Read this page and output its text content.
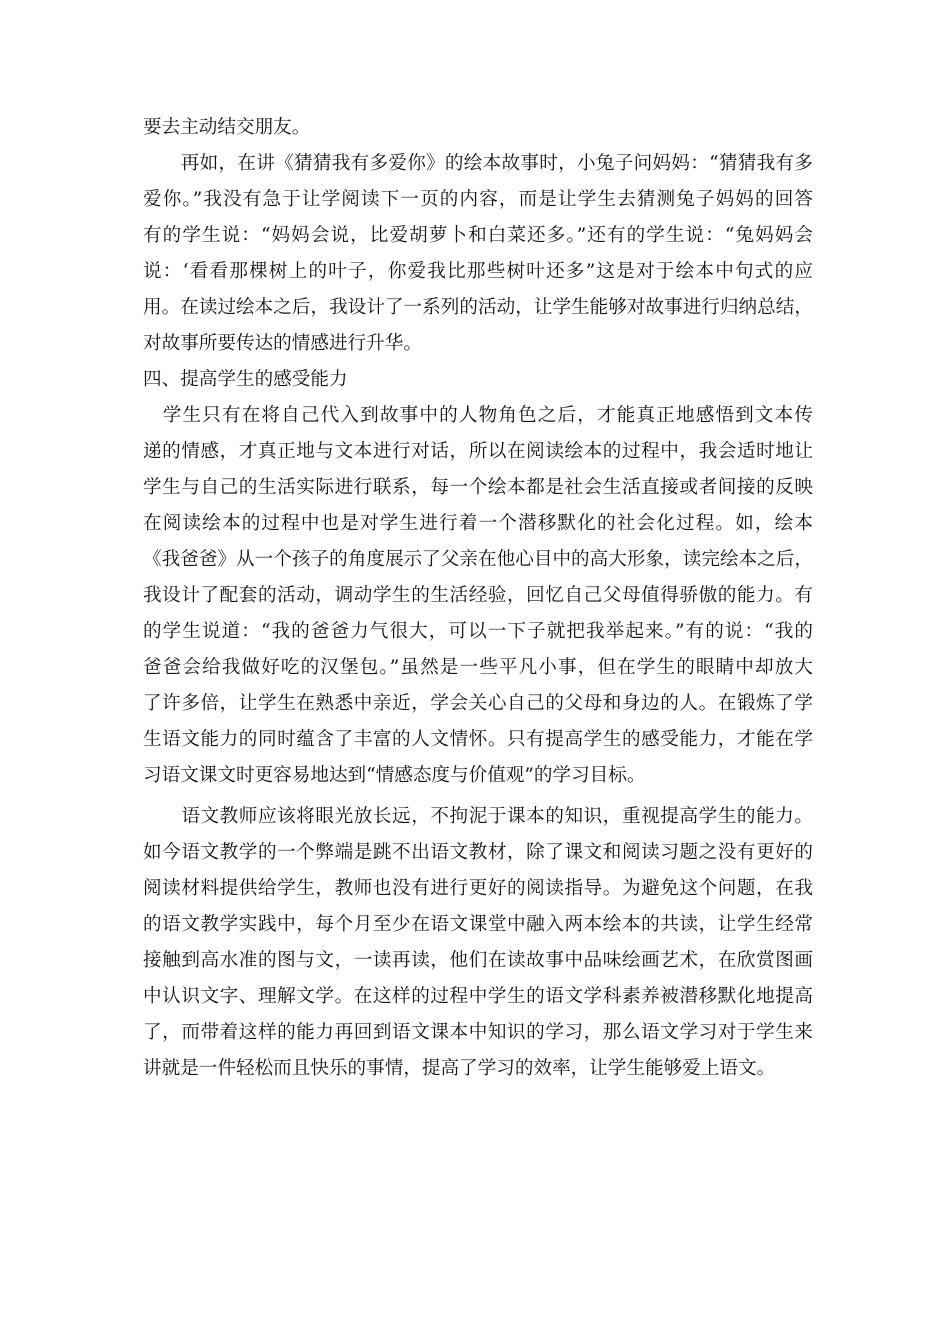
要去主动结交朋友。
　　再如，在讲《猜猜我有多爱你》的绘本故事时，小兔子问妈妈：“猜猜我有多
爱你。”我没有急于让学阅读下一页的内容，而是让学生去猜测兔子妈妈的回答
有的学生说：“妈妈会说，比爱胡萝卜和白菜还多。”还有的学生说：“兔妈妈会
说：‘看看那棵树上的叶子，你爱我比那些树叶还多”这是对于绘本中句式的应
用。在读过绘本之后，我设计了一系列的活动，让学生能够对故事进行归纳总结，
对故事所要传达的情感进行升华。
四、提高学生的感受能力
　学生只有在将自己代入到故事中的人物角色之后，才能真正地感悟到文本传
递的情感，才真正地与文本进行对话，所以在阅读绘本的过程中，我会适时地让
学生与自己的生活实际进行联系，每一个绘本都是社会生活直接或者间接的反映
在阅读绘本的过程中也是对学生进行着一个潜移默化的社会化过程。如，绘本
《我爸爸》从一个孩子的角度展示了父亲在他心目中的高大形象，读完绘本之后，
我设计了配套的活动，调动学生的生活经验，回忆自己父母值得骄傲的能力。有
的学生说道：“我的爸爸力气很大，可以一下子就把我举起来。”有的说：“我的
爸爸会给我做好吃的汉堡包。”虽然是一些平凡小事，但在学生的眼睛中却放大
了许多倍，让学生在熟悉中亲近，学会关心自己的父母和身边的人。在锻炼了学
生语文能力的同时蕴含了丰富的人文情怀。只有提高学生的感受能力，才能在学
习语文课文时更容易地达到“情感态度与价值观”的学习目标。
　　语文教师应该将眼光放长远，不拘泥于课本的知识，重视提高学生的能力。
如今语文教学的一个弊端是跳不出语文教材，除了课文和阅读习题之没有更好的
阅读材料提供给学生，教师也没有进行更好的阅读指导。为避免这个问题，在我
的语文教学实践中，每个月至少在语文课堂中融入两本绘本的共读，让学生经常
接触到高水准的图与文，一读再读，他们在读故事中品味绘画艺术，在欣赏图画
中认识文字、理解文学。在这样的过程中学生的语文学科素养被潜移默化地提高
了，而带着这样的能力再回到语文课本中知识的学习，那么语文学习对于学生来
讲就是一件轻松而且快乐的事情，提高了学习的效率，让学生能够爱上语文。
